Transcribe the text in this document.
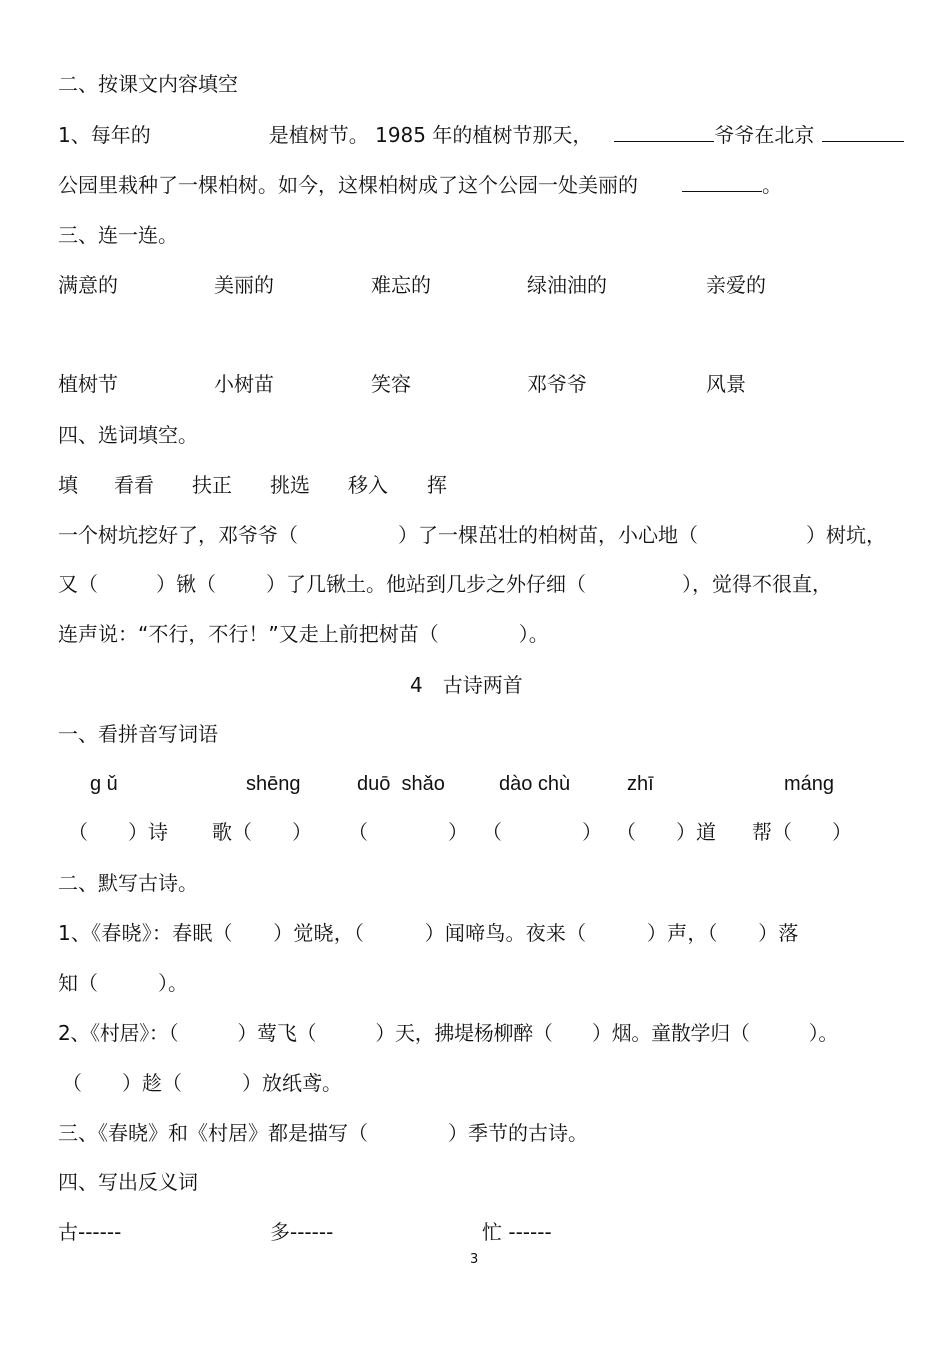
二、按课文内容填空
1、每年的	是植树节。 1985 年的植树节那天，	爷爷在北京
公园里栽种了一棵柏树。如今，这棵柏树成了这个公园一处美丽的	。
三、连一连。
满意的	美丽的	难忘的	绿油油的	亲爱的
植树节	小树苗	笑容	邓爷爷	风景
四、选词填空。
填 看看 扶正 挑选 移入 挥
一个树坑挖好了，邓爷爷（	）了一棵茁壮的柏树苗，小心地（	）树坑，
又（	）锹（	）了几锹土。他站到几步之外仔细（	），觉得不很直，
连声说：“不行，不行！”又走上前把树苗（	）。
4　古诗两首
一、看拼音写词语
g ǔ	shēng	duō  shǎo	dào chù	zhī	máng
（　　）诗 歌（　　） （　　　　） （　　　　） （　　）道 帮（　　）
二、默写古诗。
1、《春晓》：春眠（　　）觉晓，（　　　）闻啼鸟。夜来（　　　）声，（　　）落
知（　　　）。
2、《村居》：（　　　）莺飞（　　　）天，拂堤杨柳醉（　　）烟。童散学归（　　　）。
（　　）趁（　　　）放纸鸢。
三、《春晓》和《村居》都是描写（　　　　）季节的古诗。
四、写出反义词
古------	多------	忙 ------
3
